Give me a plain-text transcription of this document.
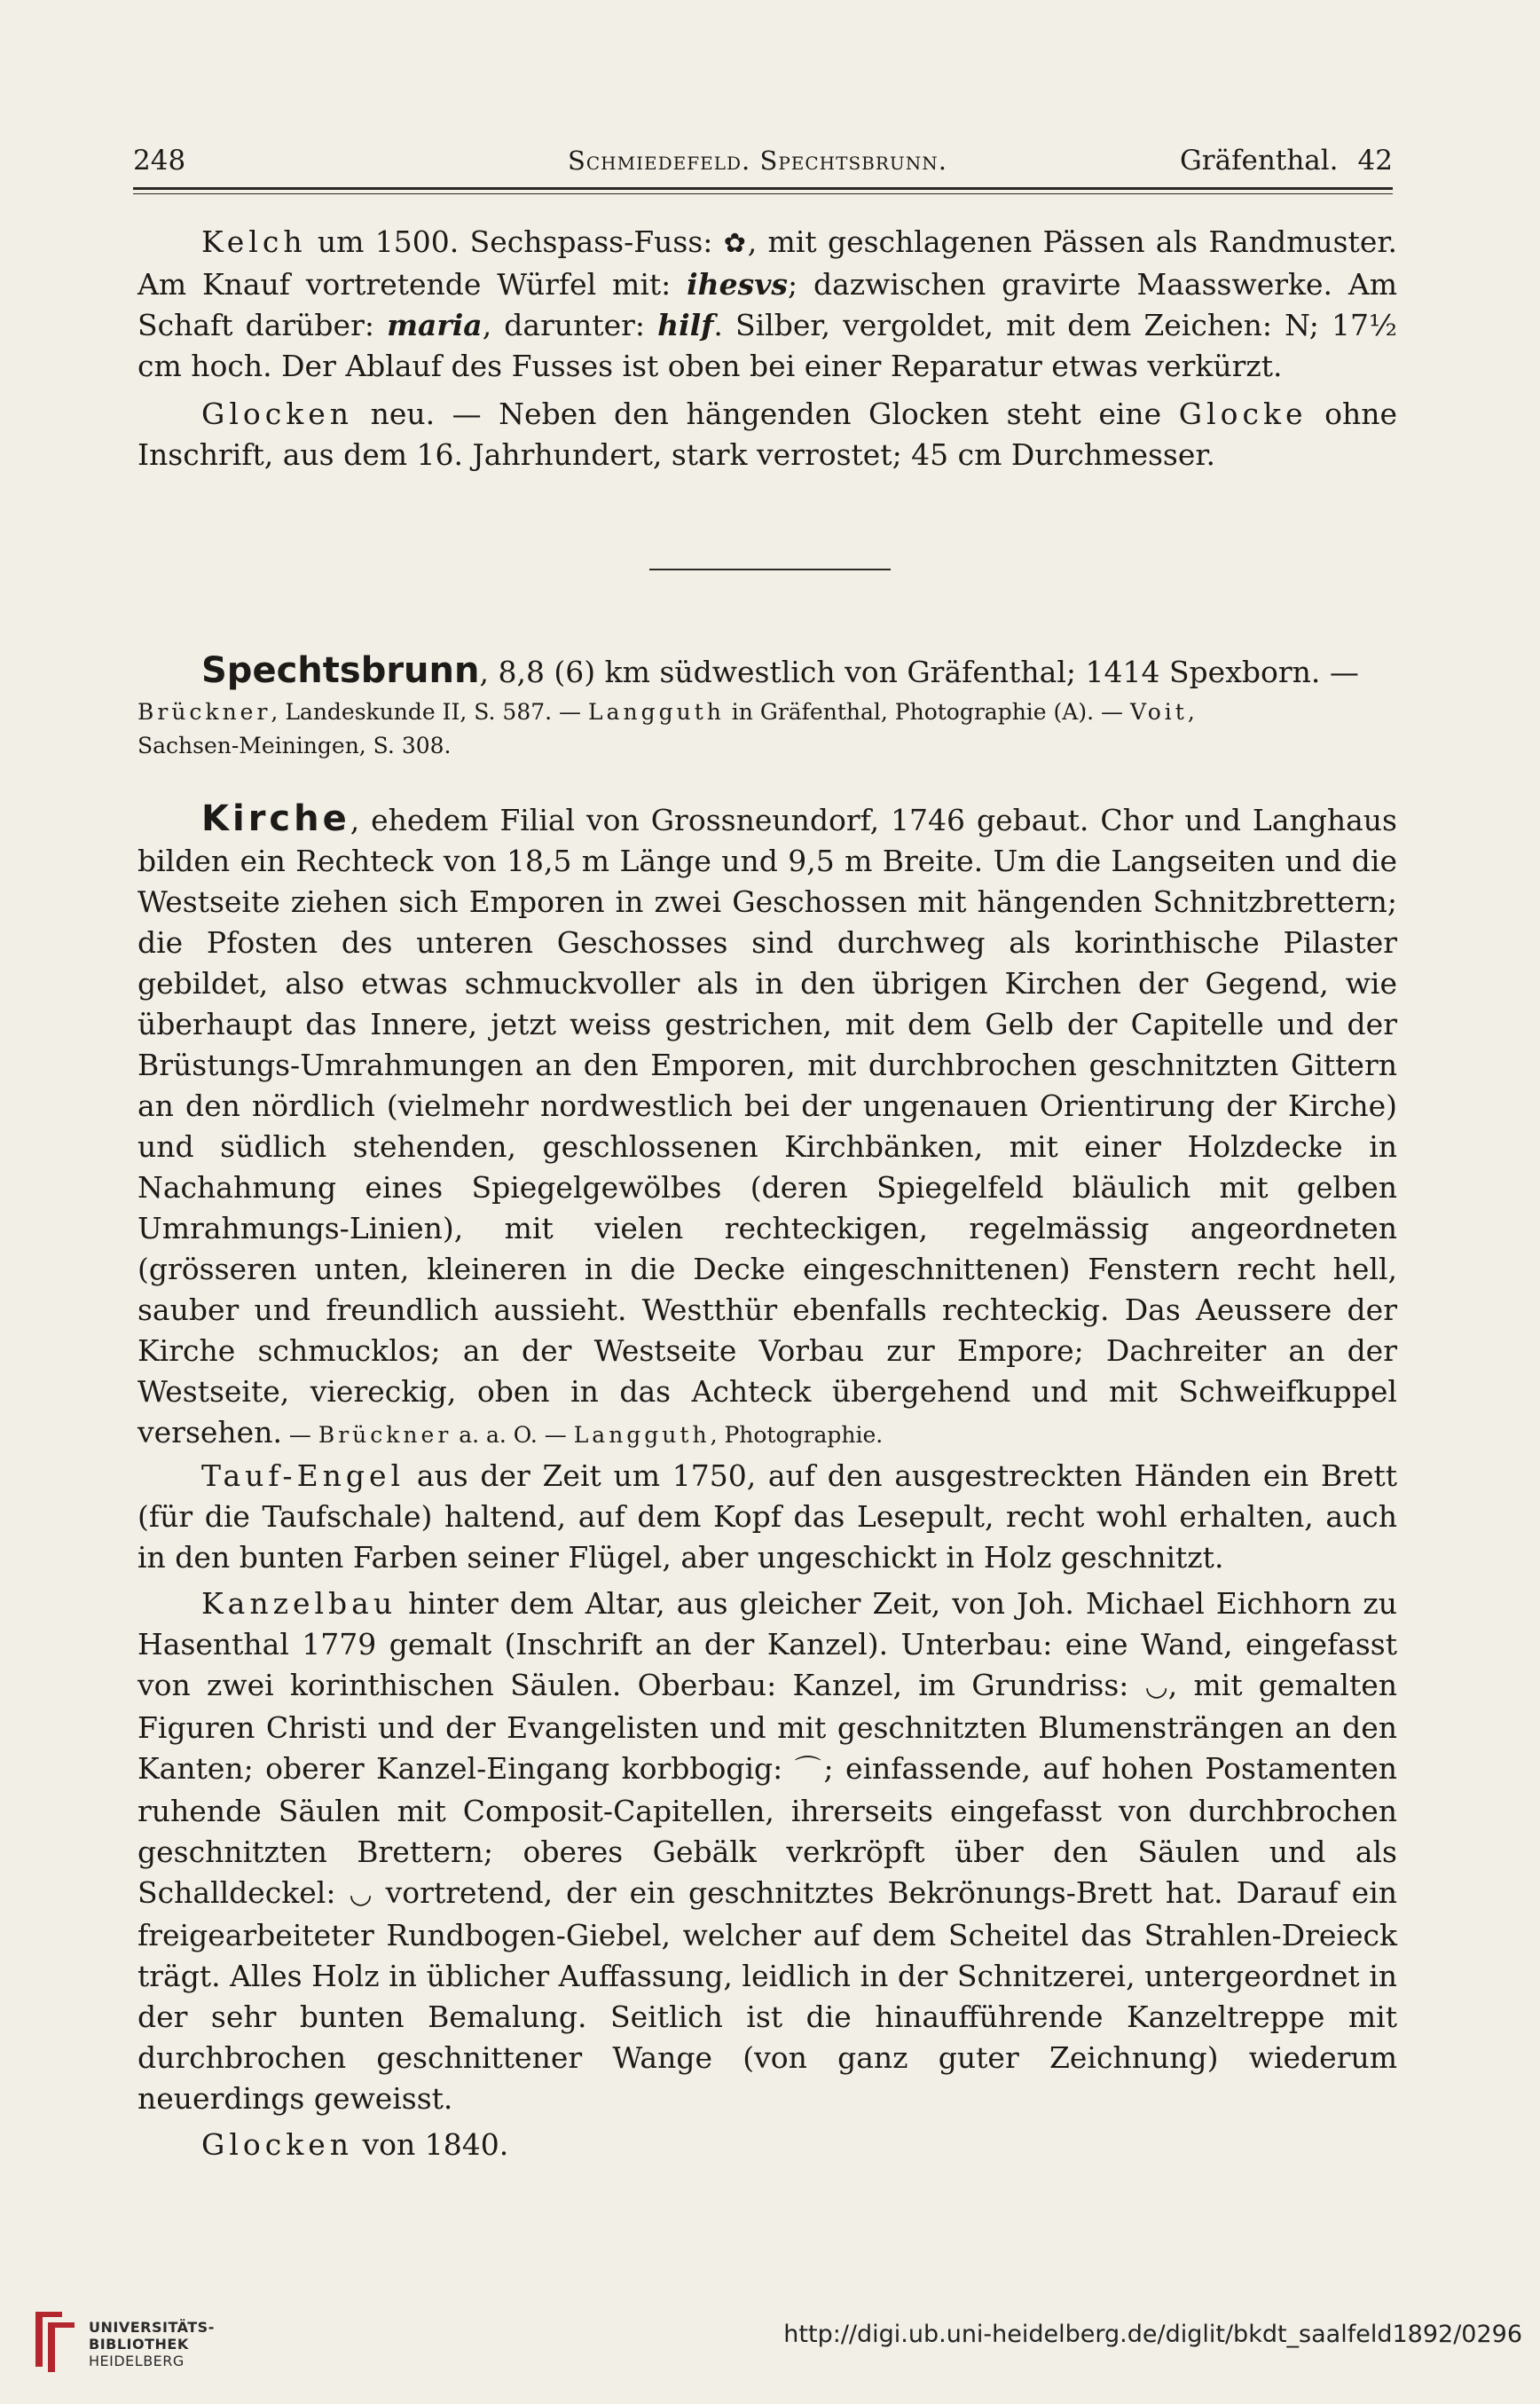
248	Schmiedefeld. Spechtsbrunn.	Gräfenthal. 42

Kelch um 1500. Sechspass-Fuss: ✿, mit geschlagenen Pässen als Randmuster. Am Knauf vortretende Würfel mit: ihesvs; dazwischen gravirte Maasswerke. Am Schaft darüber: maria, darunter: hilf. Silber, vergoldet, mit dem Zeichen: N; 17½ cm hoch. Der Ablauf des Fusses ist oben bei einer Reparatur etwas verkürzt.

Glocken neu. — Neben den hängenden Glocken steht eine Glocke ohne Inschrift, aus dem 16. Jahrhundert, stark verrostet; 45 cm Durchmesser.

Spechtsbrunn, 8,8 (6) km südwestlich von Gräfenthal; 1414 Spexborn. —

Brückner, Landeskunde II, S. 587. — Langguth in Gräfenthal, Photographie (A). — Voit,

Sachsen-Meiningen, S. 308.

Kirche, ehedem Filial von Grossneundorf, 1746 gebaut. Chor und Langhaus bilden ein Rechteck von 18,5 m Länge und 9,5 m Breite. Um die Langseiten und die Westseite ziehen sich Emporen in zwei Geschossen mit hängenden Schnitzbrettern; die Pfosten des unteren Geschosses sind durchweg als korinthische Pilaster gebildet, also etwas schmuckvoller als in den übrigen Kirchen der Gegend, wie überhaupt das Innere, jetzt weiss gestrichen, mit dem Gelb der Capitelle und der Brüstungs-Umrahmungen an den Emporen, mit durchbrochen geschnitzten Gittern an den nördlich (vielmehr nordwestlich bei der ungenauen Orientirung der Kirche) und südlich stehenden, geschlossenen Kirchbänken, mit einer Holzdecke in Nachahmung eines Spiegelgewölbes (deren Spiegelfeld bläulich mit gelben Umrahmungs-Linien), mit vielen rechteckigen, regelmässig angeordneten (grösseren unten, kleineren in die Decke eingeschnittenen) Fenstern recht hell, sauber und freundlich aussieht. Westthür ebenfalls rechteckig. Das Aeussere der Kirche schmucklos; an der Westseite Vorbau zur Empore; Dachreiter an der Westseite, viereckig, oben in das Achteck übergehend und mit Schweifkuppel versehen. — Brückner a. a. O. — Langguth, Photographie.

Tauf-Engel aus der Zeit um 1750, auf den ausgestreckten Händen ein Brett (für die Taufschale) haltend, auf dem Kopf das Lesepult, recht wohl erhalten, auch in den bunten Farben seiner Flügel, aber ungeschickt in Holz geschnitzt.

Kanzelbau hinter dem Altar, aus gleicher Zeit, von Joh. Michael Eichhorn zu Hasenthal 1779 gemalt (Inschrift an der Kanzel). Unterbau: eine Wand, eingefasst von zwei korinthischen Säulen. Oberbau: Kanzel, im Grundriss: ◡, mit gemalten Figuren Christi und der Evangelisten und mit geschnitzten Blumensträngen an den Kanten; oberer Kanzel-Eingang korbbogig: ⌒; einfassende, auf hohen Postamenten ruhende Säulen mit Composit-Capitellen, ihrerseits eingefasst von durchbrochen geschnitzten Brettern; oberes Gebälk verkröpft über den Säulen und als Schalldeckel: ◡ vortretend, der ein geschnitztes Bekrönungs-Brett hat. Darauf ein freigearbeiteter Rundbogen-Giebel, welcher auf dem Scheitel das Strahlen-Dreieck trägt. Alles Holz in üblicher Auffassung, leidlich in der Schnitzerei, untergeordnet in der sehr bunten Bemalung. Seitlich ist die hinaufführende Kanzeltreppe mit durchbrochen geschnittener Wange (von ganz guter Zeichnung) wiederum neuerdings geweisst.

Glocken von 1840.

UNIVERSITÄTS-
BIBLIOTHEK
HEIDELBERG
http://digi.ub.uni-heidelberg.de/diglit/bkdt_saalfeld1892/0296
